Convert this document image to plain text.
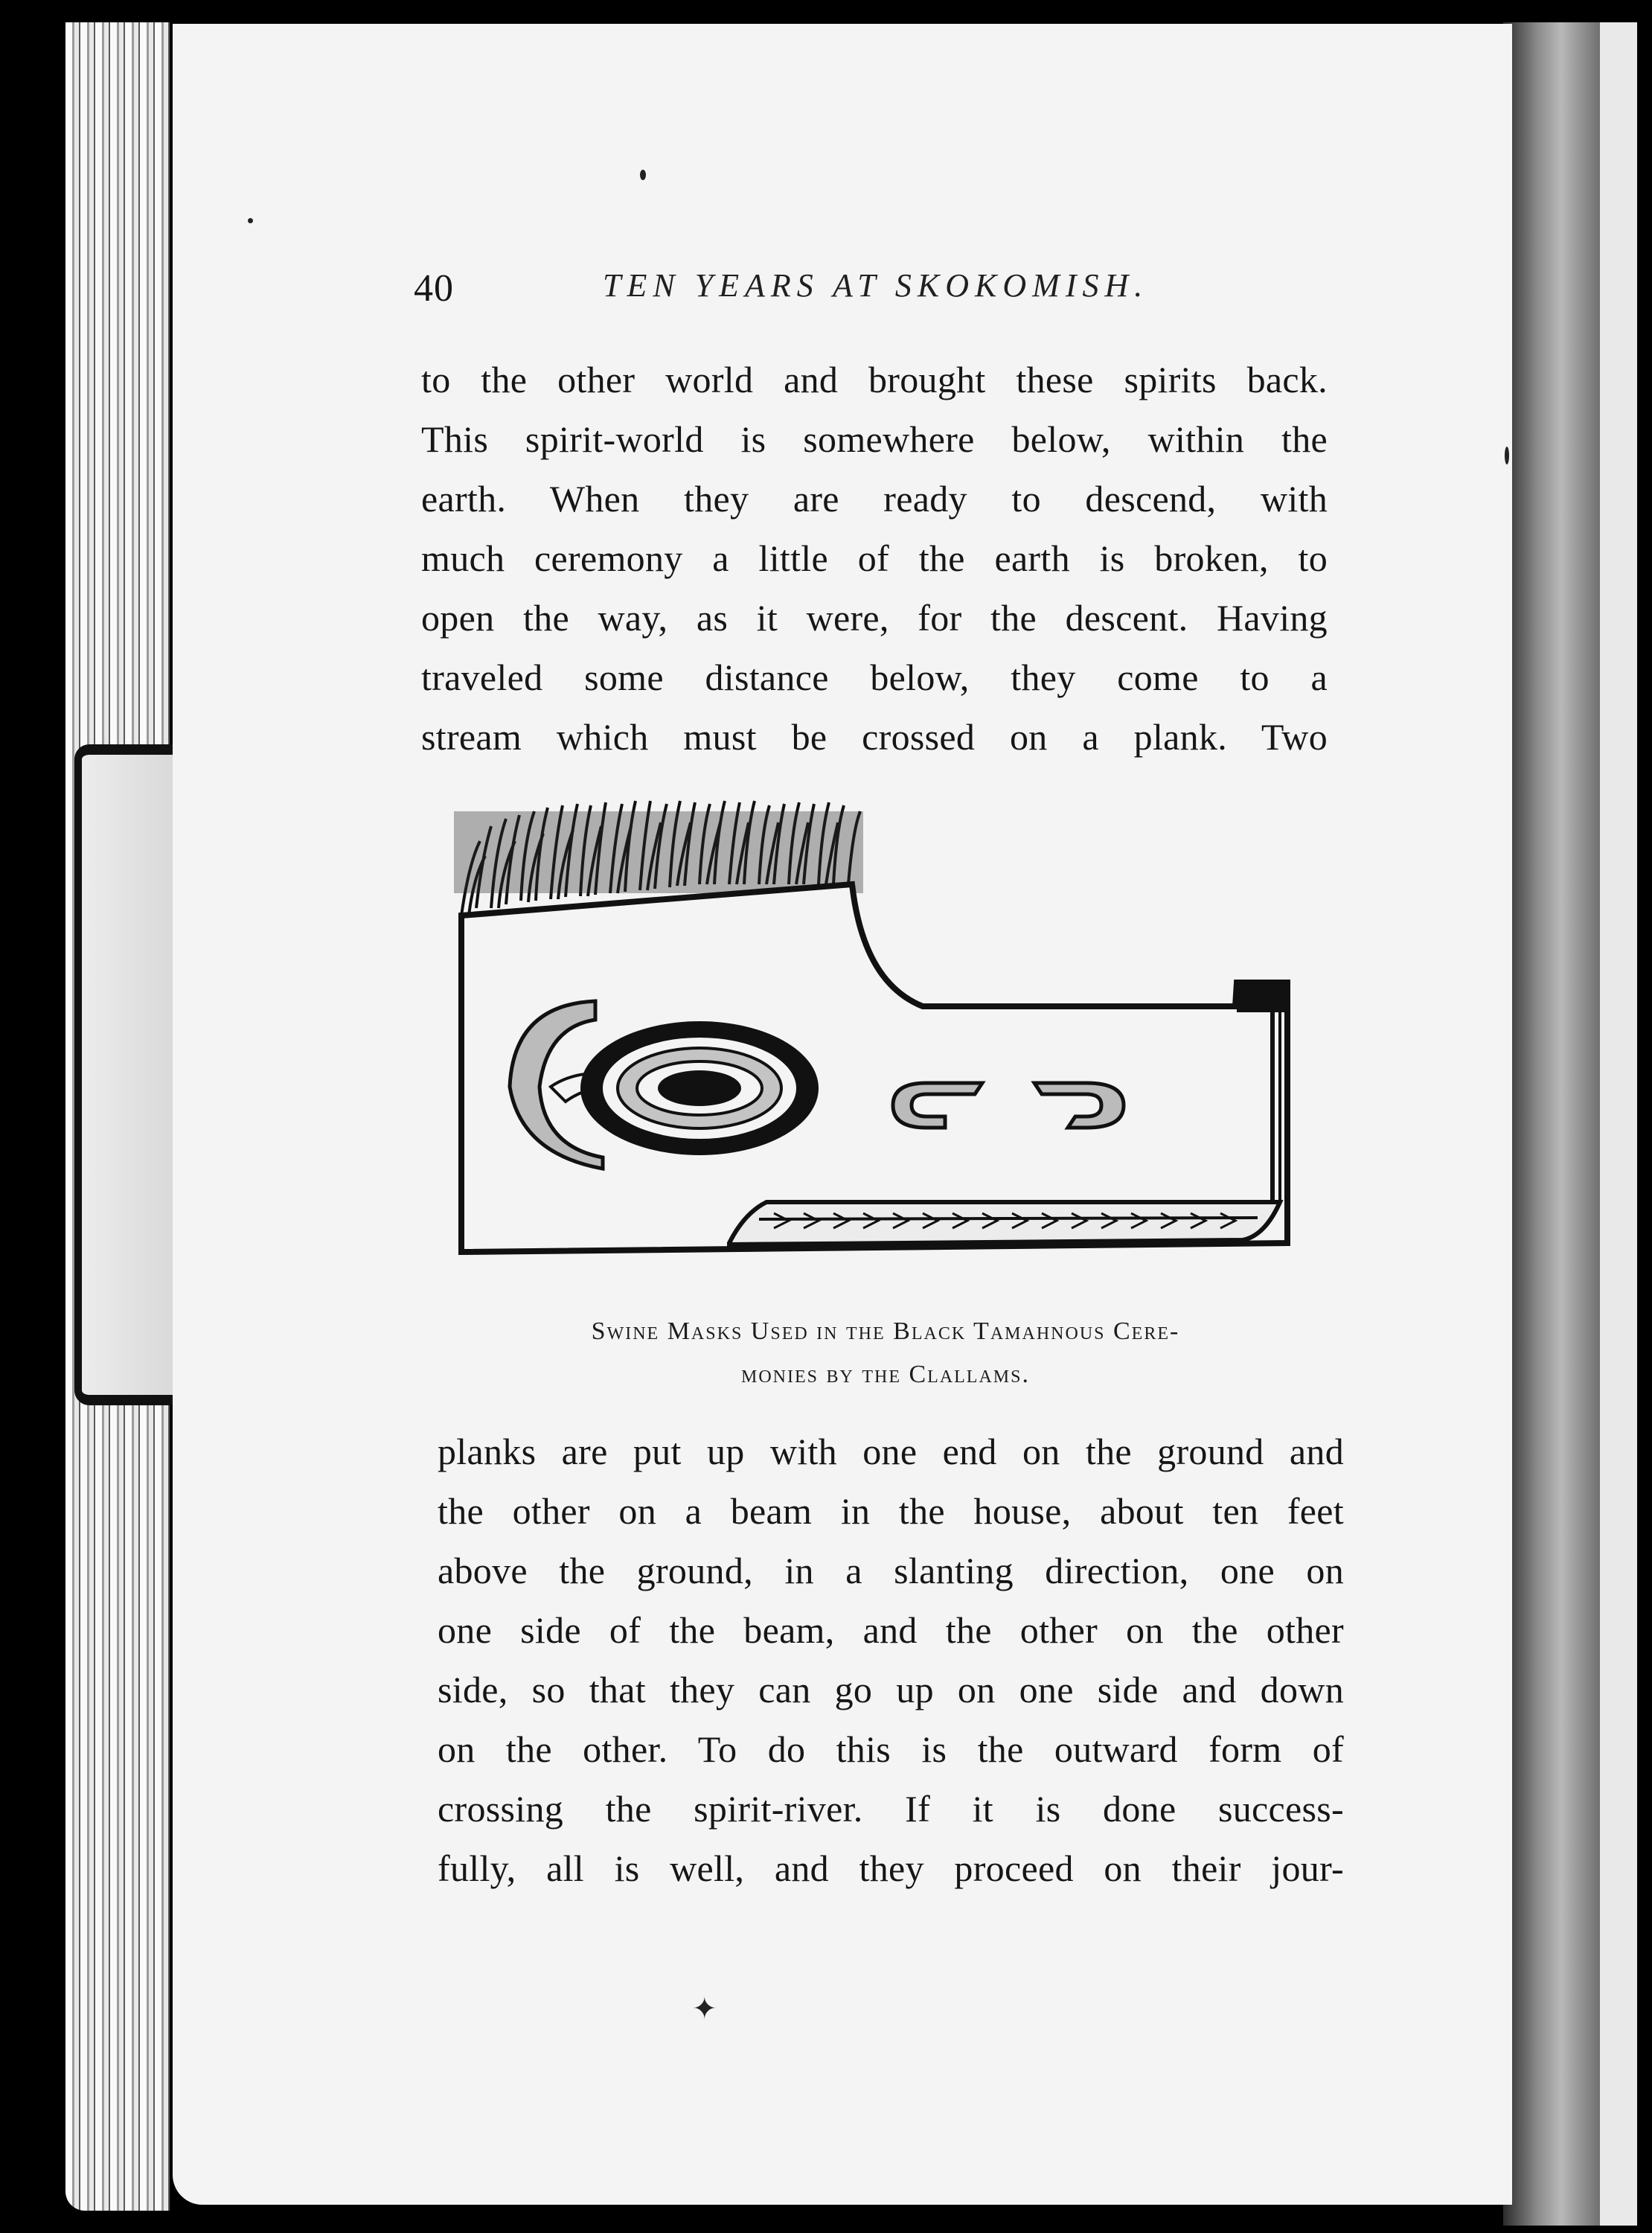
40	TEN YEARS AT SKOKOMISH.
to the other world and brought these spirits back.
This spirit-world is somewhere below, within the
earth. When they are ready to descend, with
much ceremony a little of the earth is broken, to
open the way, as it were, for the descent. Having
traveled some distance below, they come to a
stream which must be crossed on a plank. Two
Swine Masks Used in the Black Tamahnous Cere-
monies by the Clallams.
planks are put up with one end on the ground and
the other on a beam in the house, about ten feet
above the ground, in a slanting direction, one on
one side of the beam, and the other on the other
side, so that they can go up on one side and down
on the other. To do this is the outward form of
crossing the spirit-river. If it is done success-
fully, all is well, and they proceed on their jour-
✦
